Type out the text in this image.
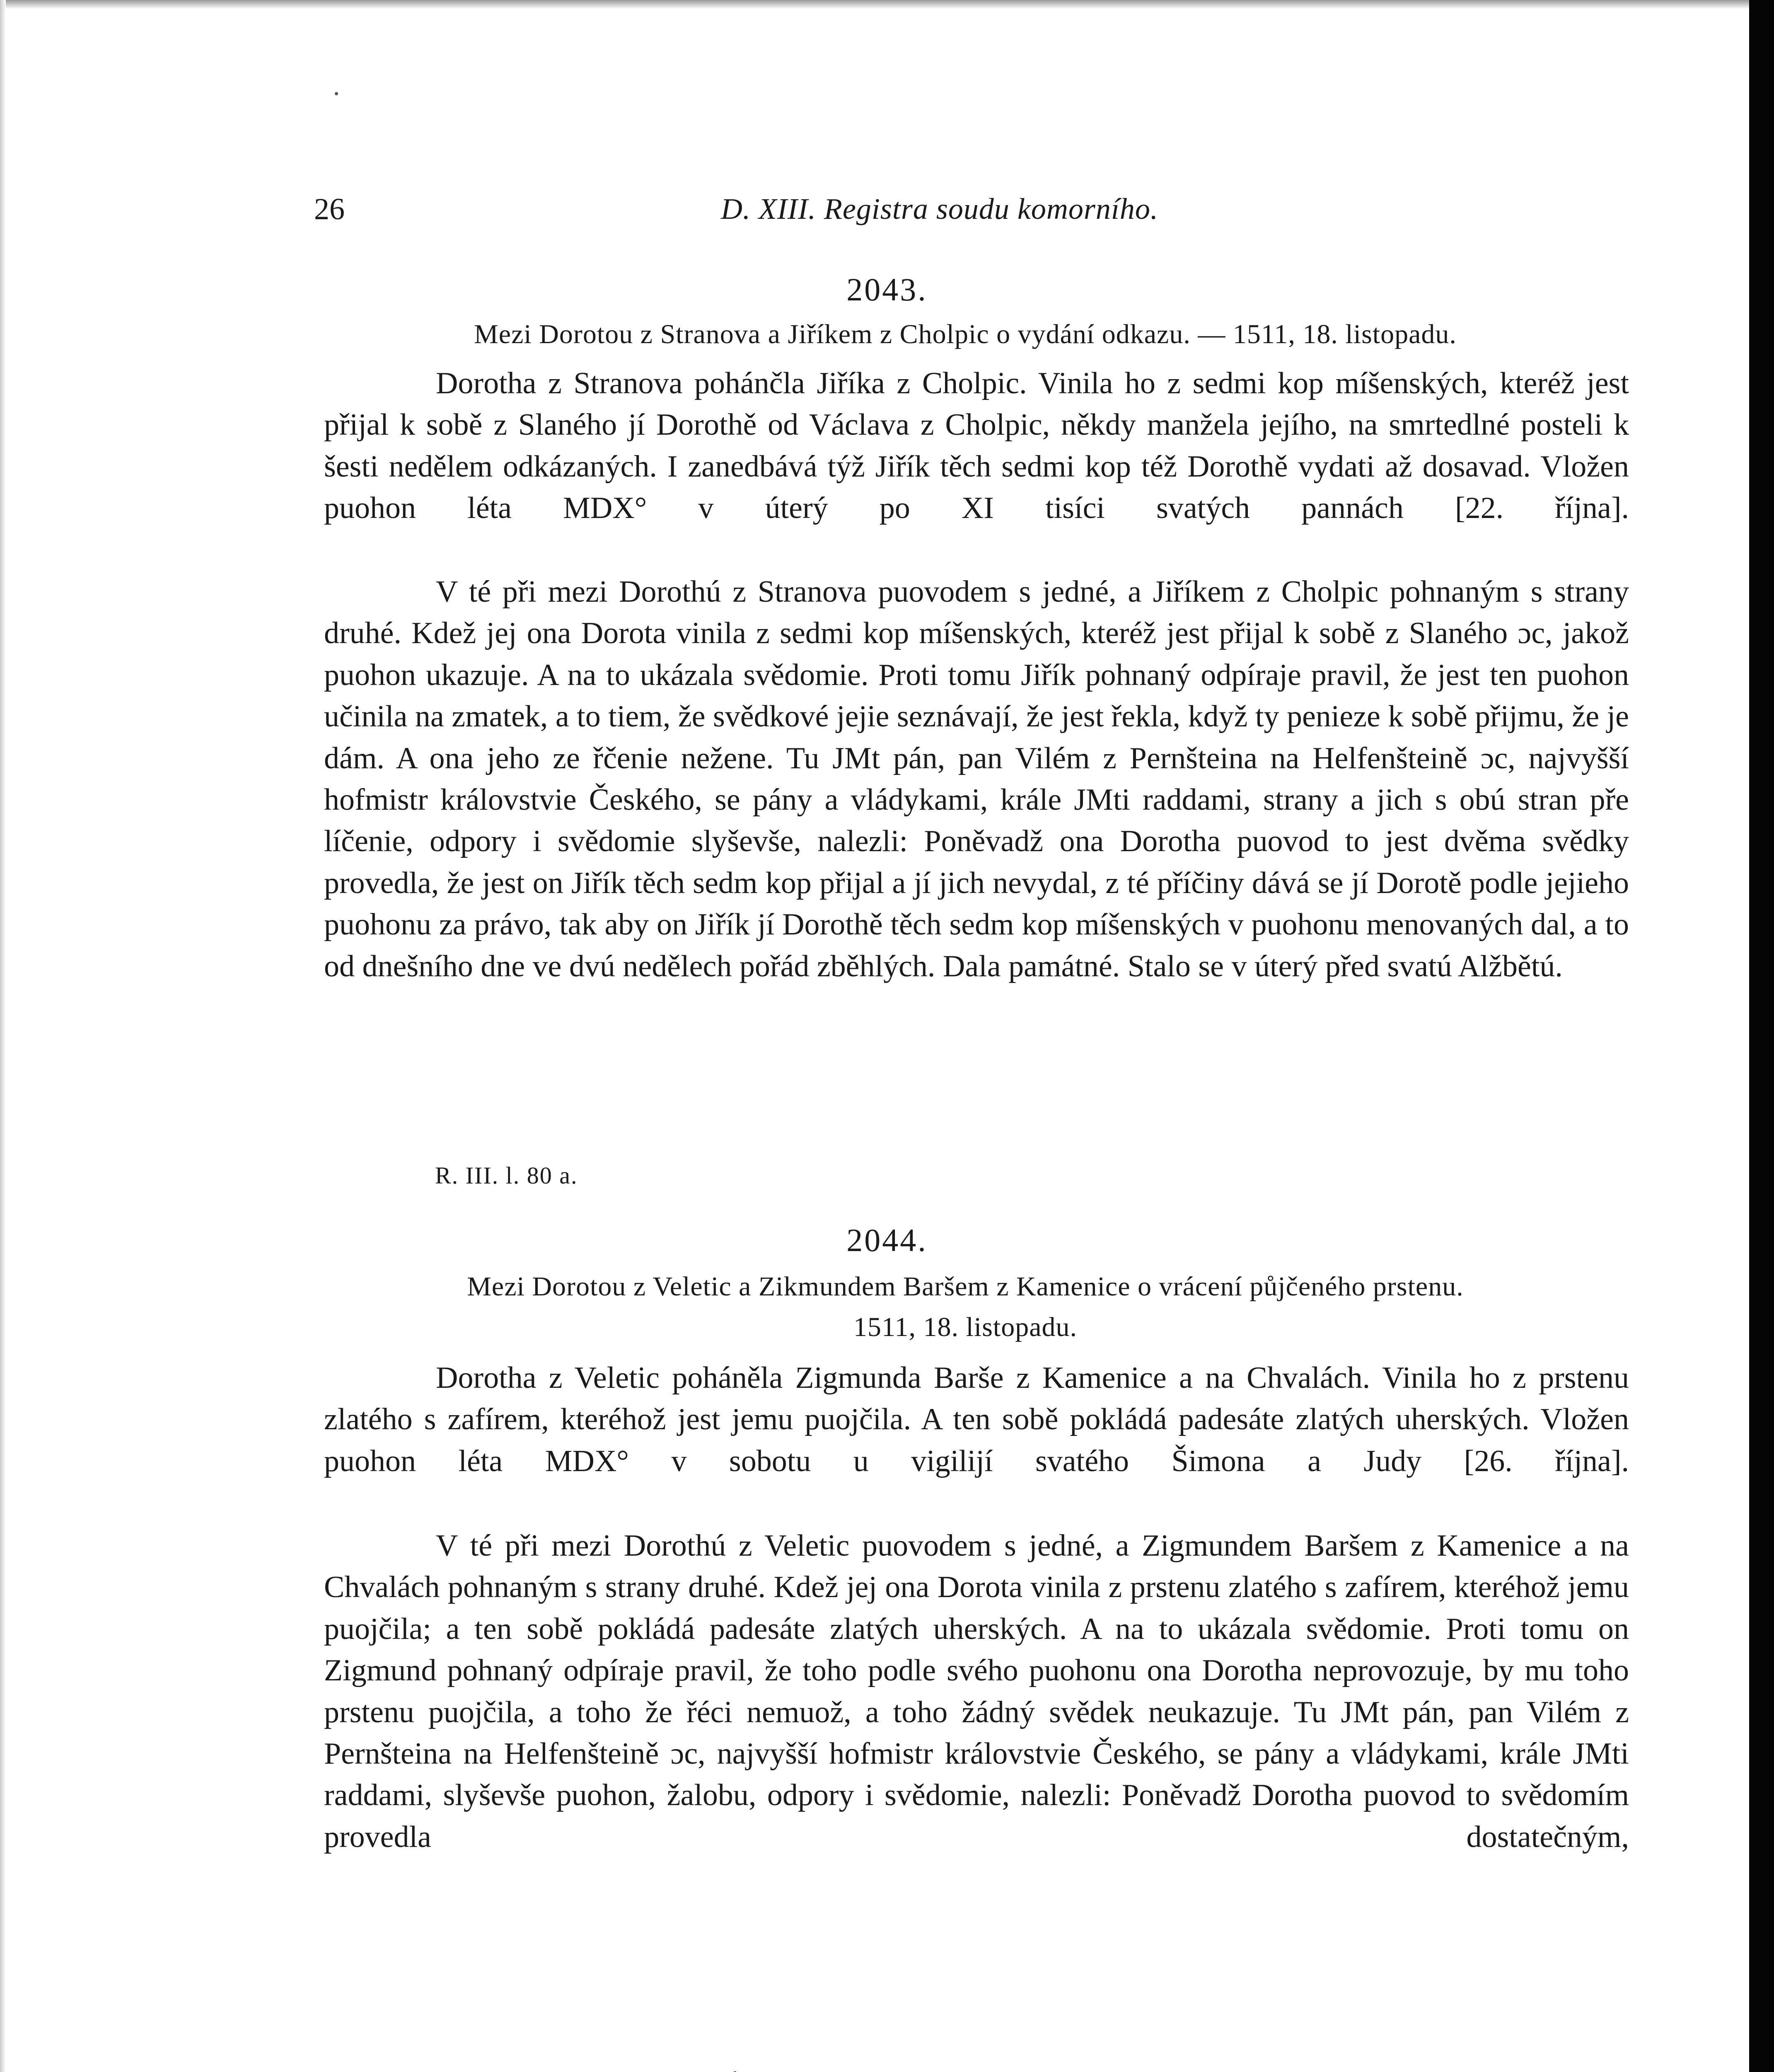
26	D. XIII. Registra soudu komorního.
2043.
Mezi Dorotou z Stranova a Jiříkem z Cholpic o vydání odkazu. — 1511, 18. listopadu.

Dorotha z Stranova pohánčla Jiříka z Cholpic. Vinila ho z sedmi kop míšenských, kteréž jest přijal k sobě z Slaného jí Dorothě od Václava z Cholpic, někdy manžela jejího, na smrtedlné posteli k šesti nedělem odkázaných. I zanedbává týž Jiřík těch sedmi kop též Dorothě vydati až dosavad. Vložen puohon léta MDX° v úterý po XI tisíci svatých pannách [22. října].

V té při mezi Dorothú z Stranova puovodem s jedné, a Jiříkem z Cholpic pohnaným s strany druhé. Kdež jej ona Dorota vinila z sedmi kop míšenských, kteréž jest přijal k sobě z Slaného ɔc, jakož puohon ukazuje. A na to ukázala svědomie. Proti tomu Jiřík pohnaný odpíraje pravil, že jest ten puohon učinila na zmatek, a to tiem, že svědkové jejie seznávají, že jest řekla, když ty penieze k sobě přijmu, že je dám. A ona jeho ze řčenie nežene. Tu JMt pán, pan Vilém z Pernšteina na Helfenšteině ɔc, najvyšší hofmistr královstvie Českého, se pány a vládykami, krále JMti raddami, strany a jich s obú stran pře líčenie, odpory i svědomie slyševše, nalezli: Poněvadž ona Dorotha puovod to jest dvěma svědky provedla, že jest on Jiřík těch sedm kop přijal a jí jich nevydal, z té příčiny dává se jí Dorotě podle jejieho puohonu za právo, tak aby on Jiřík jí Dorothě těch sedm kop míšenských v puohonu menovaných dal, a to od dnešního dne ve dvú nedělech pořád zběhlých. Dala památné. Stalo se v úterý před svatú Alžbětú.

R. III. l. 80 a.
2044.
Mezi Dorotou z Veletic a Zikmundem Baršem z Kamenice o vrácení půjčeného prstenu.
1511, 18. listopadu.

Dorotha z Veletic poháněla Zigmunda Barše z Kamenice a na Chvalách. Vinila ho z prstenu zlatého s zafírem, kteréhož jest jemu puojčila. A ten sobě pokládá padesáte zlatých uherských. Vložen puohon léta MDX° v sobotu u vigilijí svatého Šimona a Judy [26. října].

V té při mezi Dorothú z Veletic puovodem s jedné, a Zigmundem Baršem z Kamenice a na Chvalách pohnaným s strany druhé. Kdež jej ona Dorota vinila z prstenu zlatého s zafírem, kteréhož jemu puojčila; a ten sobě pokládá padesáte zlatých uherských. A na to ukázala svědomie. Proti tomu on Zigmund pohnaný odpíraje pravil, že toho podle svého puohonu ona Dorotha neprovozuje, by mu toho prstenu puojčila, a toho že řéci nemuož, a toho žádný svědek neukazuje. Tu JMt pán, pan Vilém z Pernšteina na Helfenšteině ɔc, najvyšší hofmistr královstvie Českého, se pány a vládykami, krále JMti raddami, slyševše puohon, žalobu, odpory i svědomie, nalezli: Poněvadž Dorotha puovod to svědomím provedla dostatečným,
